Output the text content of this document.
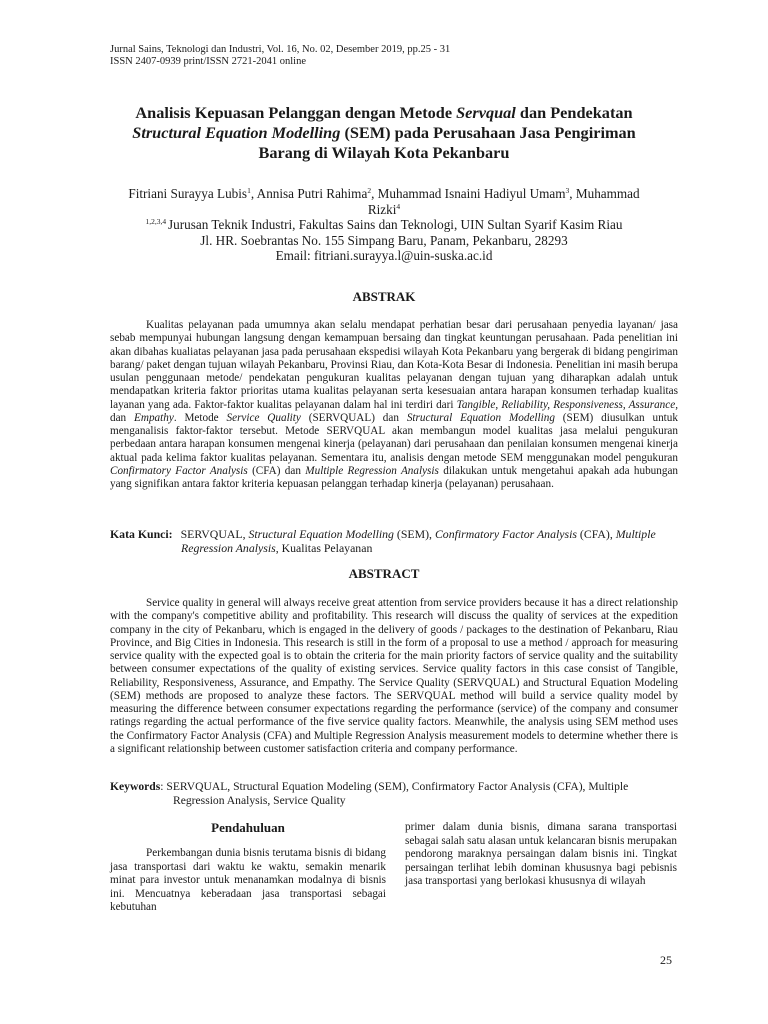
Jurnal Sains, Teknologi dan Industri, Vol. 16, No. 02, Desember 2019, pp.25 - 31
ISSN 2407-0939 print/ISSN 2721-2041 online
Analisis Kepuasan Pelanggan dengan Metode Servqual dan Pendekatan
Structural Equation Modelling (SEM) pada Perusahaan Jasa Pengiriman
Barang di Wilayah Kota Pekanbaru
Fitriani Surayya Lubis$^1$, Annisa Putri Rahima$^2$, Muhammad Isnaini Hadiyul Umam$^3$, Muhammad
Rizki$^4$
$^{1,2,3,4}$ Jurusan Teknik Industri, Fakultas Sains dan Teknologi, UIN Sultan Syarif Kasim Riau
Jl. HR. Soebrantas No. 155 Simpang Baru, Panam, Pekanbaru, 28293
Email: fitriani.surayya.l@uin-suska.ac.id
ABSTRAK
Kualitas pelayanan pada umumnya akan selalu mendapat perhatian besar dari perusahaan penyedia layanan/ jasa sebab mempunyai hubungan langsung dengan kemampuan bersaing dan tingkat keuntungan perusahaan. Pada penelitian ini akan dibahas kualiatas pelayanan jasa pada perusahaan ekspedisi wilayah Kota Pekanbaru yang bergerak di bidang pengiriman barang/ paket dengan tujuan wilayah Pekanbaru, Provinsi Riau, dan Kota-Kota Besar di Indonesia. Penelitian ini masih berupa usulan penggunaan metode/ pendekatan pengukuran kualitas pelayanan dengan tujuan yang diharapkan adalah untuk mendapatkan kriteria faktor prioritas utama kualitas pelayanan serta kesesuaian antara harapan konsumen terhadap kualitas layanan yang ada. Faktor-faktor kualitas pelayanan dalam hal ini terdiri dari Tangible, Reliability, Responsiveness, Assurance, dan Empathy. Metode Service Quality (SERVQUAL) dan Structural Equation Modelling (SEM) diusulkan untuk menganalisis faktor-faktor tersebut. Metode SERVQUAL akan membangun model kualitas jasa melalui pengukuran perbedaan antara harapan konsumen mengenai kinerja (pelayanan) dari perusahaan dan penilaian konsumen mengenai kinerja aktual pada kelima faktor kualitas pelayanan. Sementara itu, analisis dengan metode SEM menggunakan model pengukuran Confirmatory Factor Analysis (CFA) dan Multiple Regression Analysis dilakukan untuk mengetahui apakah ada hubungan yang signifikan antara faktor kriteria kepuasan pelanggan terhadap kinerja (pelayanan) perusahaan.
Kata Kunci: SERVQUAL, Structural Equation Modelling (SEM), Confirmatory Factor Analysis (CFA), Multiple
Regression Analysis, Kualitas Pelayanan
ABSTRACT
Service quality in general will always receive great attention from service providers because it has a direct relationship with the company's competitive ability and profitability. This research will discuss the quality of services at the expedition company in the city of Pekanbaru, which is engaged in the delivery of goods / packages to the destination of Pekanbaru, Riau Province, and Big Cities in Indonesia. This research is still in the form of a proposal to use a method / approach for measuring service quality with the expected goal is to obtain the criteria for the main priority factors of service quality and the suitability between consumer expectations of the quality of existing services. Service quality factors in this case consist of Tangible, Reliability, Responsiveness, Assurance, and Empathy. The Service Quality (SERVQUAL) and Structural Equation Modeling (SEM) methods are proposed to analyze these factors. The SERVQUAL method will build a service quality model by measuring the difference between consumer expectations regarding the performance (service) of the company and consumer ratings regarding the actual performance of the five service quality factors. Meanwhile, the analysis using SEM method uses the Confirmatory Factor Analysis (CFA) and Multiple Regression Analysis measurement models to determine whether there is a significant relationship between customer satisfaction criteria and company performance.
Keywords: SERVQUAL, Structural Equation Modeling (SEM), Confirmatory Factor Analysis (CFA), Multiple
Regression Analysis, Service Quality
Pendahuluan
Perkembangan dunia bisnis terutama bisnis di bidang jasa transportasi dari waktu ke waktu, semakin menarik minat para investor untuk menanamkan modalnya di bisnis ini. Mencuatnya keberadaan jasa transportasi sebagai kebutuhan
primer dalam dunia bisnis, dimana sarana transportasi sebagai salah satu alasan untuk kelancaran bisnis merupakan pendorong maraknya persaingan dalam bisnis ini. Tingkat persaingan terlihat lebih dominan khususnya bagi pebisnis jasa transportasi yang berlokasi khususnya di wilayah
25
